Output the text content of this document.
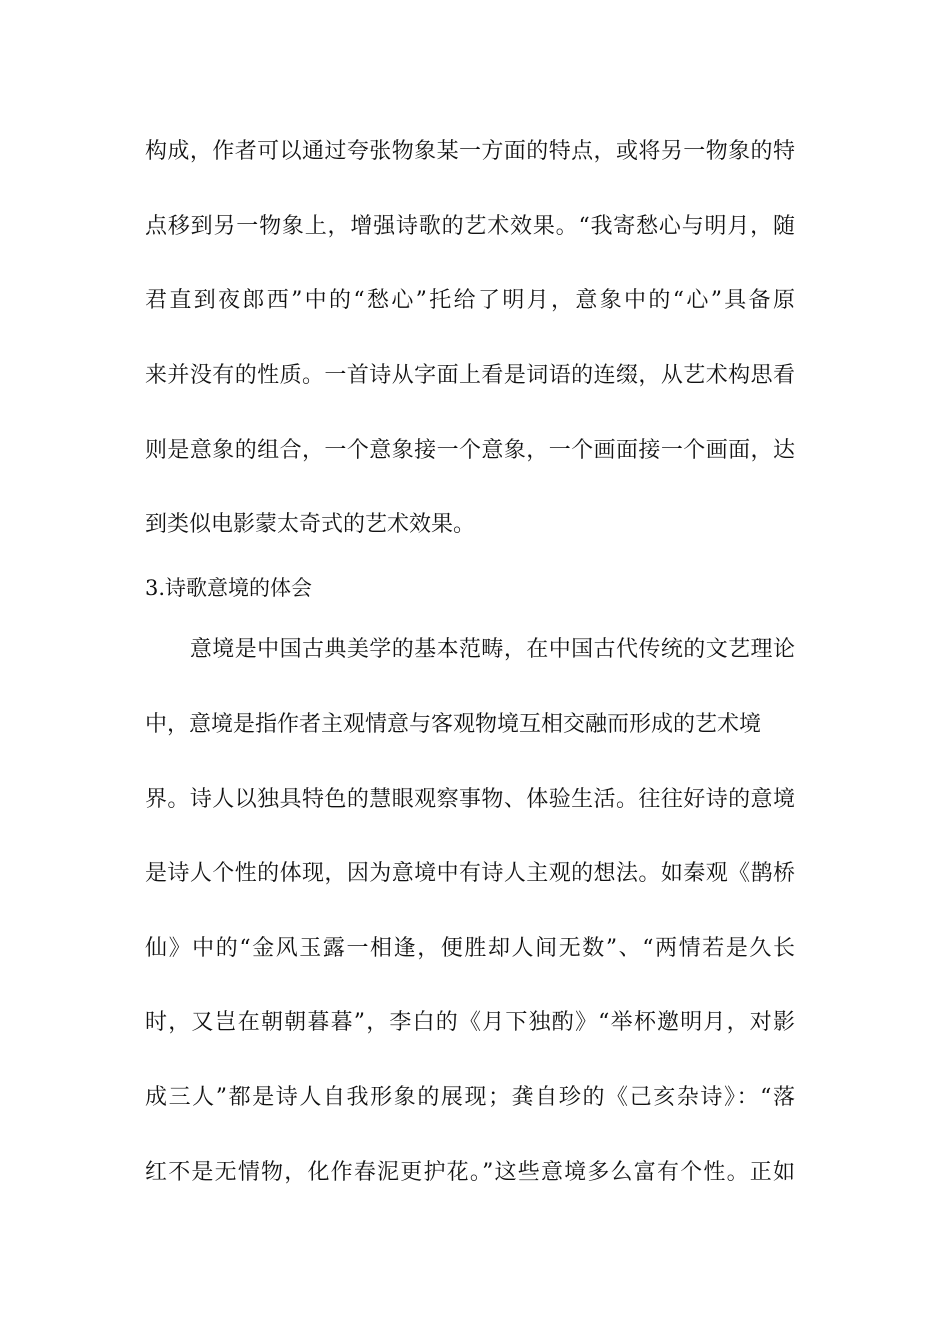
构成，作者可以通过夸张物象某一方面的特点，或将另一物象的特
点移到另一物象上，增强诗歌的艺术效果。“我寄愁心与明月，随
君直到夜郎西”中的“愁心”托给了明月，意象中的“心”具备原
来并没有的性质。一首诗从字面上看是词语的连缀，从艺术构思看
则是意象的组合，一个意象接一个意象，一个画面接一个画面，达
到类似电影蒙太奇式的艺术效果。
3.诗歌意境的体会
　　意境是中国古典美学的基本范畴，在中国古代传统的文艺理论
中，意境是指作者主观情意与客观物境互相交融而形成的艺术境
界。诗人以独具特色的慧眼观察事物、体验生活。往往好诗的意境
是诗人个性的体现，因为意境中有诗人主观的想法。如秦观《鹊桥
仙》中的“金风玉露一相逢，便胜却人间无数”、“两情若是久长
时，又岂在朝朝暮暮”，李白的《月下独酌》“举杯邀明月，对影
成三人”都是诗人自我形象的展现；龚自珍的《己亥杂诗》：“落
红不是无情物，化作春泥更护花。”这些意境多么富有个性。正如
